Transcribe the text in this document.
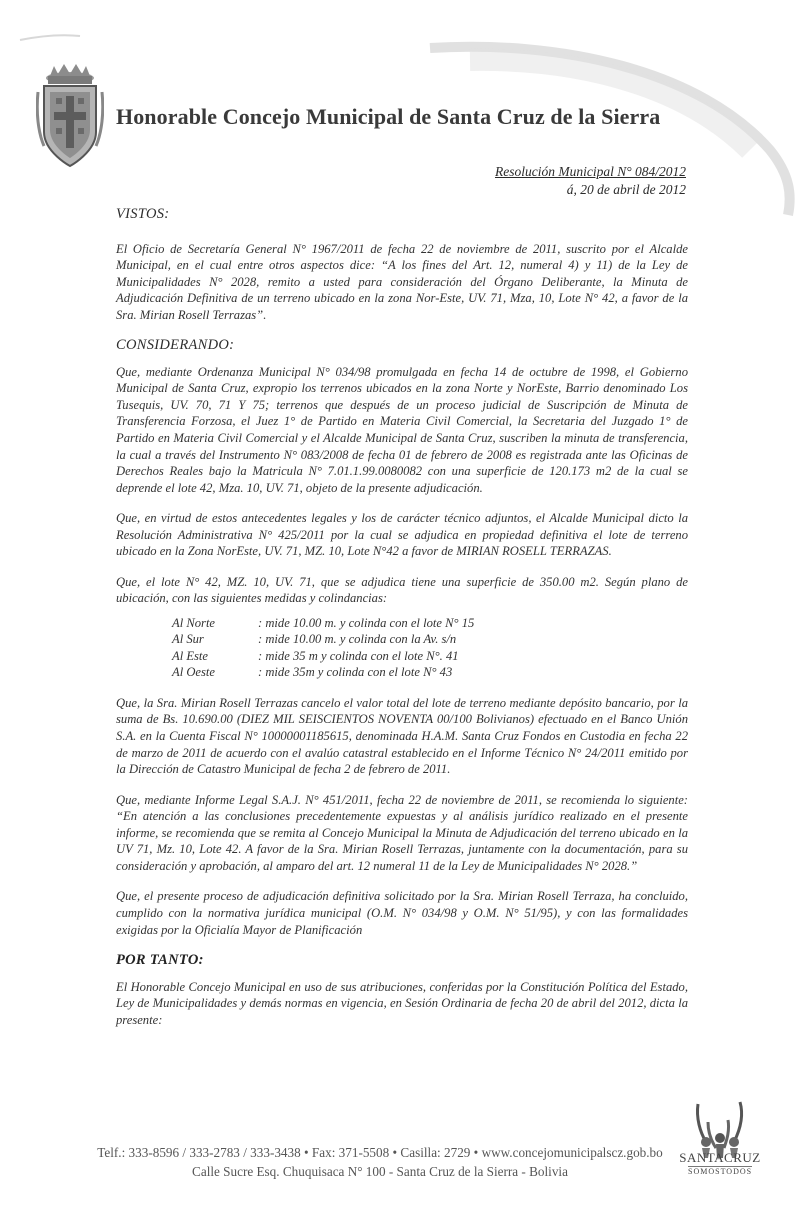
Honorable Concejo Municipal de Santa Cruz de la Sierra
Resolución Municipal N° 084/2012
á, 20 de abril de 2012
VISTOS:

El Oficio de Secretaría General N° 1967/2011 de fecha 22 de noviembre de 2011, suscrito por el Alcalde Municipal, en el cual entre otros aspectos dice: “A los fines del Art. 12, numeral 4) y 11) de la Ley de Municipalidades N° 2028, remito a usted para consideración del Órgano Deliberante, la Minuta de Adjudicación Definitiva de un terreno ubicado en la zona Nor-Este, UV. 71, Mza, 10, Lote N° 42, a favor de la Sra. Mirian Rosell Terrazas”.

CONSIDERANDO:

Que, mediante Ordenanza Municipal N° 034/98 promulgada en fecha 14 de octubre de 1998, el Gobierno Municipal de Santa Cruz, expropio los terrenos ubicados en la zona Norte y NorEste, Barrio denominado Los Tusequis, UV. 70, 71 Y 75; terrenos que después de un proceso judicial de Suscripción de Minuta de Transferencia Forzosa, el Juez 1° de Partido en Materia Civil Comercial, la Secretaria del Juzgado 1° de Partido en Materia Civil Comercial y el Alcalde Municipal de Santa Cruz, suscriben la minuta de transferencia, la cual a través del Instrumento N° 083/2008 de fecha 01 de febrero de 2008 es registrada ante las Oficinas de Derechos Reales bajo la Matricula N° 7.01.1.99.0080082 con una superficie de 120.173 m2 de la cual se deprende el lote 42, Mza. 10, UV. 71, objeto de la presente adjudicación.

Que, en virtud de estos antecedentes legales y los de carácter técnico adjuntos, el Alcalde Municipal dicto la Resolución Administrativa N° 425/2011 por la cual se adjudica en propiedad definitiva el lote de terreno ubicado en la Zona NorEste, UV. 71, MZ. 10, Lote N°42 a favor de MIRIAN ROSELL TERRAZAS.

Que, el lote N° 42, MZ. 10, UV. 71, que se adjudica tiene una superficie de 350.00 m2. Según plano de ubicación, con las siguientes medidas y colindancias:

Al Norte	: mide 10.00 m. y colinda con el lote N° 15
Al Sur	: mide 10.00 m. y colinda con la Av. s/n
Al Este	: mide 35 m y colinda con el lote N°. 41
Al Oeste	: mide 35m y colinda con el lote N° 43

Que, la Sra. Mirian Rosell Terrazas cancelo el valor total del lote de terreno mediante depósito bancario, por la suma de Bs. 10.690.00 (DIEZ MIL SEISCIENTOS NOVENTA 00/100 Bolivianos) efectuado en el Banco Unión S.A. en la Cuenta Fiscal N° 10000001185615, denominada H.A.M. Santa Cruz Fondos en Custodia en fecha 22 de marzo de 2011 de acuerdo con el avalúo catastral establecido en el Informe Técnico N° 24/2011 emitido por la Dirección de Catastro Municipal de fecha 2 de febrero de 2011.

Que, mediante Informe Legal S.A.J. N° 451/2011, fecha 22 de noviembre de 2011, se recomienda lo siguiente: “En atención a las conclusiones precedentemente expuestas y al análisis jurídico realizado en el presente informe, se recomienda que se remita al Concejo Municipal la Minuta de Adjudicación del terreno ubicado en la UV 71, Mz. 10, Lote 42. A favor de la Sra. Mirian Rosell Terrazas, juntamente con la documentación, para su consideración y aprobación, al amparo del art. 12 numeral 11 de la Ley de Municipalidades N° 2028.”

Que, el presente proceso de adjudicación definitiva solicitado por la Sra. Mirian Rosell Terraza, ha concluido, cumplido con la normativa jurídica municipal (O.M. N° 034/98 y O.M. N° 51/95), y con las formalidades exigidas por la Oficialía Mayor de Planificación

POR TANTO:

El Honorable Concejo Municipal en uso de sus atribuciones, conferidas por la Constitución Política del Estado, Ley de Municipalidades y demás normas en vigencia, en Sesión Ordinaria de fecha 20 de abril del 2012, dicta la presente:

SANTACRUZ
SOMOSTODOS
Telf.: 333-8596 / 333-2783 / 333-3438 • Fax: 371-5508 • Casilla: 2729 • www.concejomunicipalscz.gob.bo
Calle Sucre Esq. Chuquisaca N° 100 - Santa Cruz de la Sierra - Bolivia
